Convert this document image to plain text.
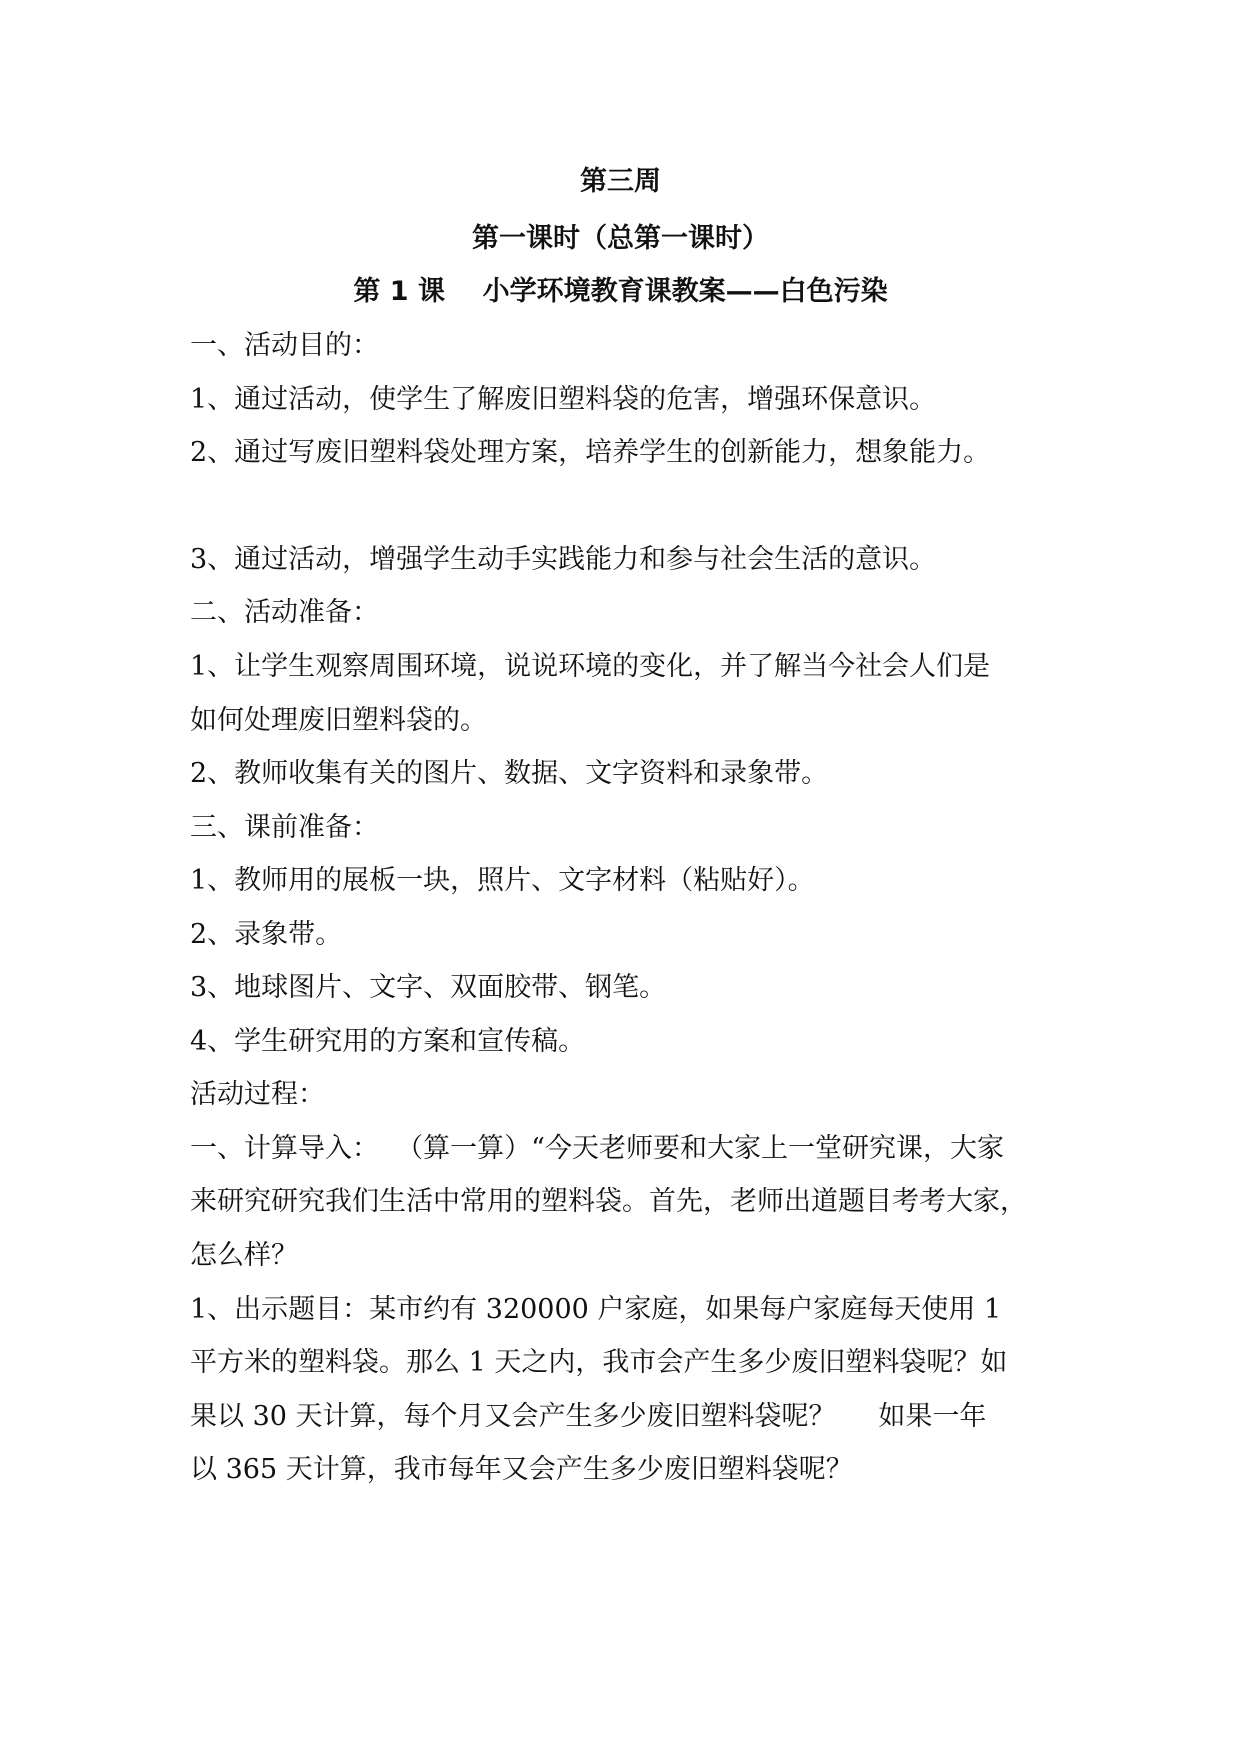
第三周
第一课时（总第一课时）
第 1 课    小学环境教育课教案——白色污染
一、活动目的：
1、通过活动，使学生了解废旧塑料袋的危害，增强环保意识。
2、通过写废旧塑料袋处理方案，培养学生的创新能力，想象能力。
3、通过活动，增强学生动手实践能力和参与社会生活的意识。
二、活动准备：
1、让学生观察周围环境，说说环境的变化，并了解当今社会人们是
如何处理废旧塑料袋的。
2、教师收集有关的图片、数据、文字资料和录象带。
三、课前准备：
1、教师用的展板一块，照片、文字材料（粘贴好）。
2、录象带。
3、地球图片、文字、双面胶带、钢笔。
4、学生研究用的方案和宣传稿。
活动过程：
一、计算导入：  （算一算）“今天老师要和大家上一堂研究课，大家
来研究研究我们生活中常用的塑料袋。首先，老师出道题目考考大家，
怎么样？
1、出示题目：某市约有 320000 户家庭，如果每户家庭每天使用 1
平方米的塑料袋。那么 1 天之内，我市会产生多少废旧塑料袋呢？如
果以 30 天计算，每个月又会产生多少废旧塑料袋呢？     如果一年
以 365 天计算，我市每年又会产生多少废旧塑料袋呢？
